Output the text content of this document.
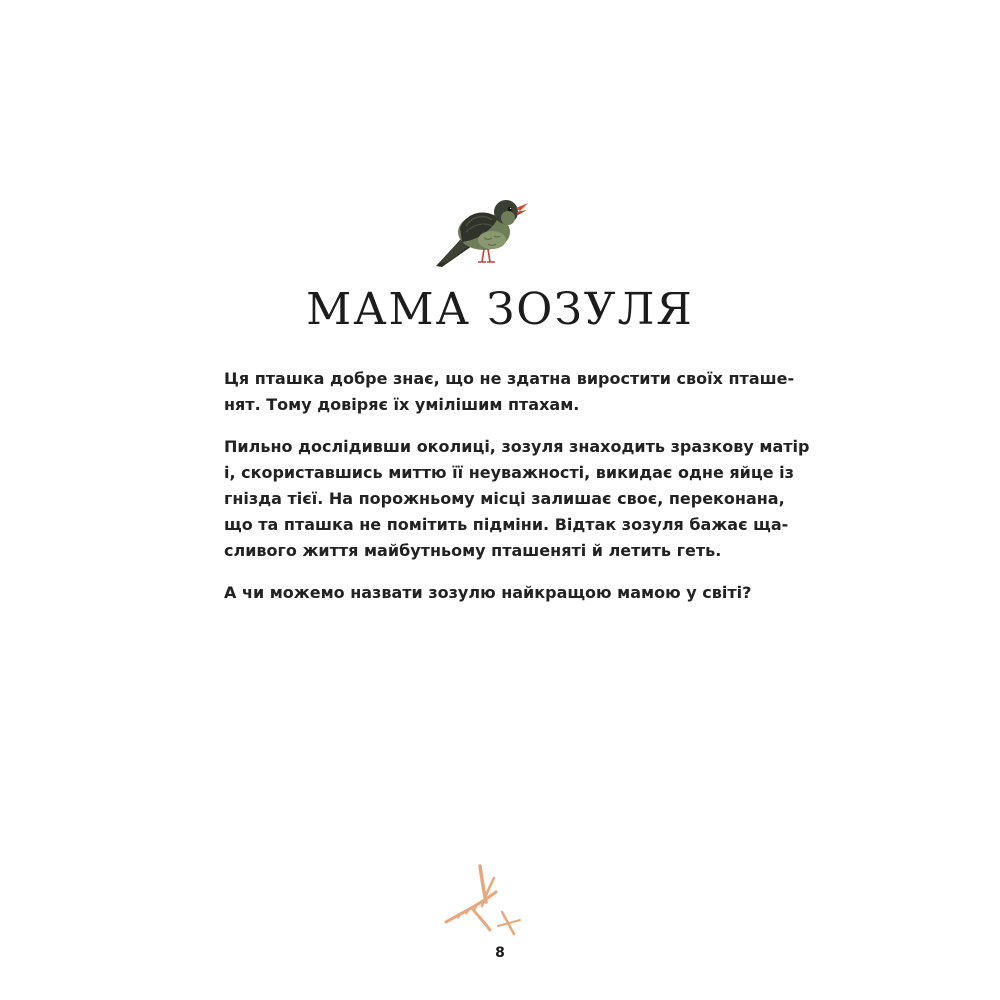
МАМА ЗОЗУЛЯ

Ця пташка добре знає, що не здатна виростити своїх пташе-
нят. Тому довіряє їх умілішим птахам.

Пильно дослідивши околиці, зозуля знаходить зразкову матір
і, скориставшись миттю її неуважності, викидає одне яйце із
гнізда тієї. На порожньому місці залишає своє, переконана,
що та пташка не помітить підміни. Відтак зозуля бажає ща-
сливого життя майбутньому пташеняті й летить геть.

А чи можемо назвати зозулю найкращою мамою у світі?

8
